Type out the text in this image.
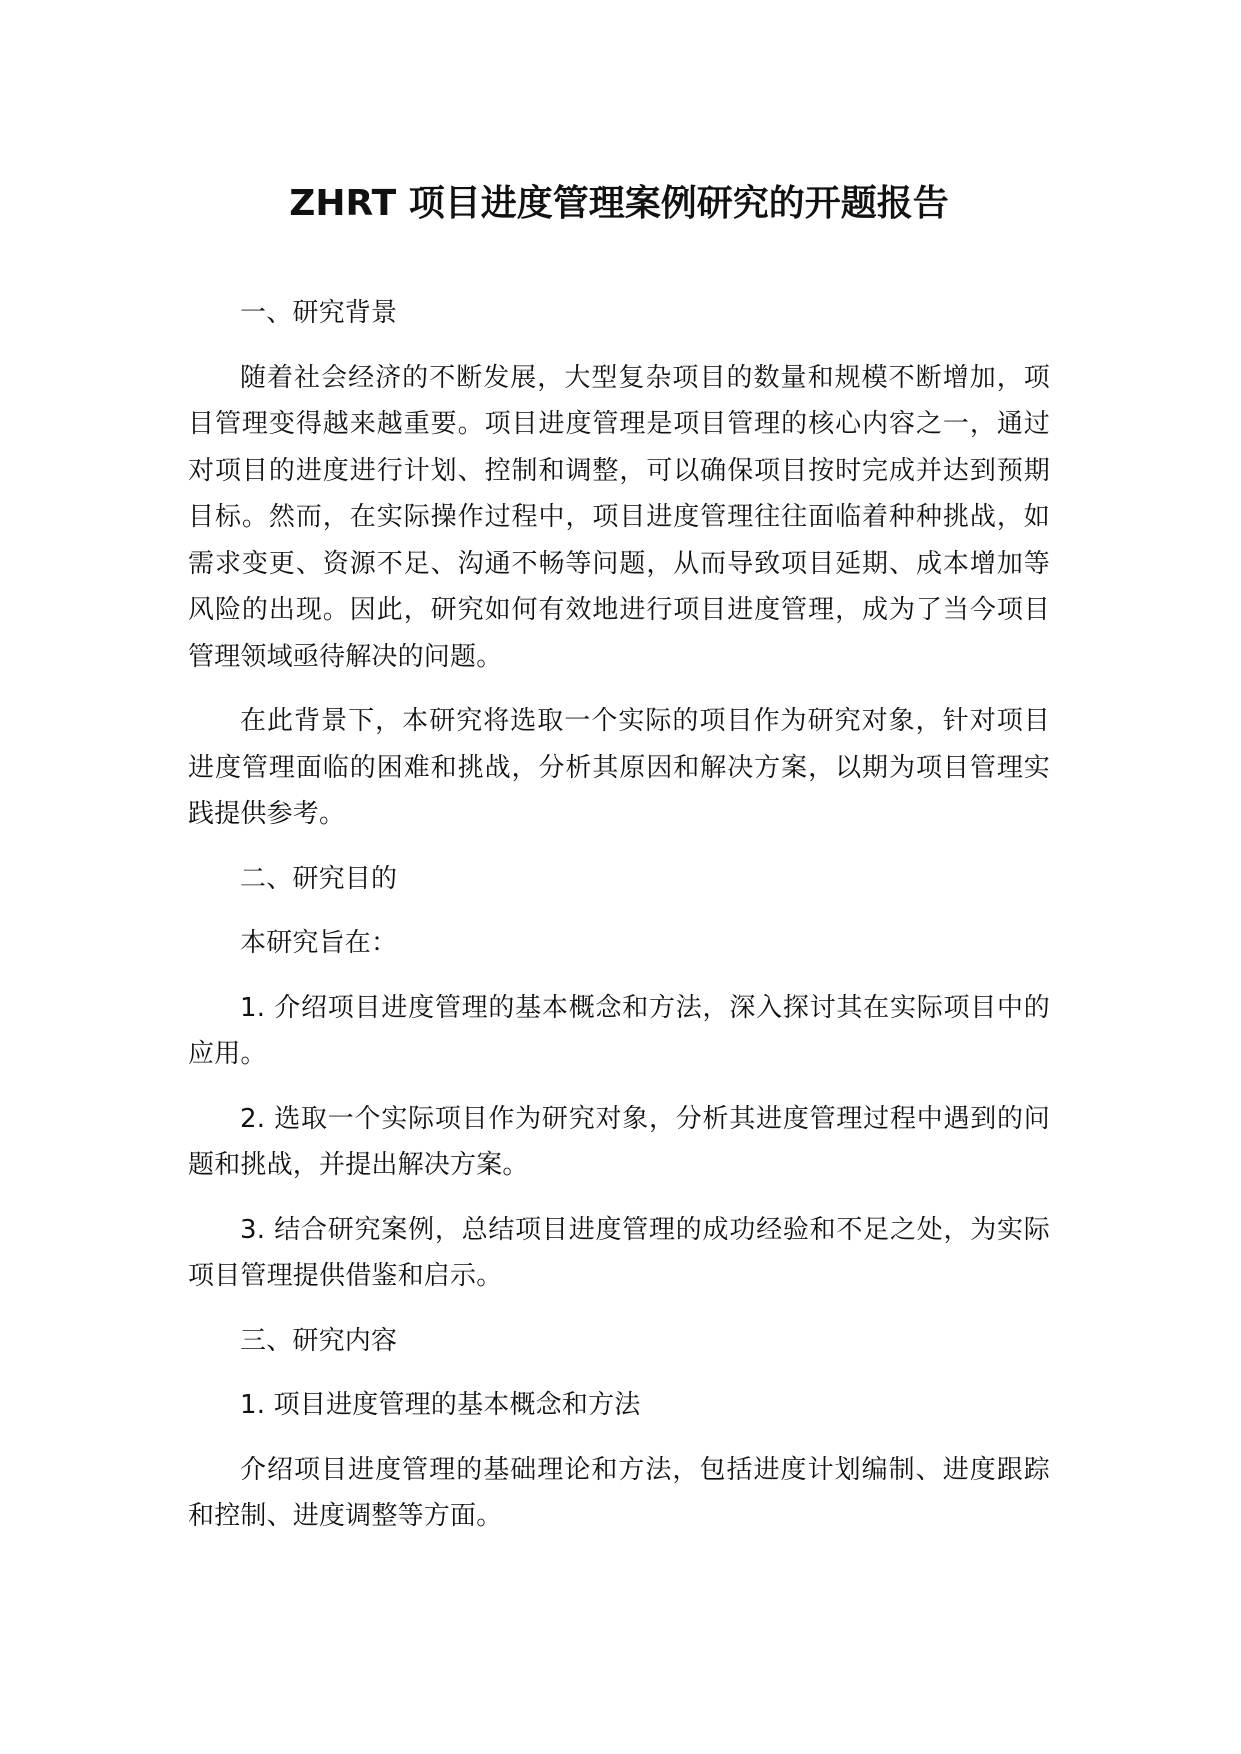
ZHRT 项目进度管理案例研究的开题报告

一、研究背景

随着社会经济的不断发展，大型复杂项目的数量和规模不断增加，项目管理变得越来越重要。项目进度管理是项目管理的核心内容之一，通过对项目的进度进行计划、控制和调整，可以确保项目按时完成并达到预期目标。然而，在实际操作过程中，项目进度管理往往面临着种种挑战，如需求变更、资源不足、沟通不畅等问题，从而导致项目延期、成本增加等风险的出现。因此，研究如何有效地进行项目进度管理，成为了当今项目管理领域亟待解决的问题。

在此背景下，本研究将选取一个实际的项目作为研究对象，针对项目进度管理面临的困难和挑战，分析其原因和解决方案，以期为项目管理实践提供参考。

二、研究目的

本研究旨在：

1. 介绍项目进度管理的基本概念和方法，深入探讨其在实际项目中的应用。

2. 选取一个实际项目作为研究对象，分析其进度管理过程中遇到的问题和挑战，并提出解决方案。

3. 结合研究案例，总结项目进度管理的成功经验和不足之处，为实际项目管理提供借鉴和启示。

三、研究内容

1. 项目进度管理的基本概念和方法

介绍项目进度管理的基础理论和方法，包括进度计划编制、进度跟踪和控制、进度调整等方面。
